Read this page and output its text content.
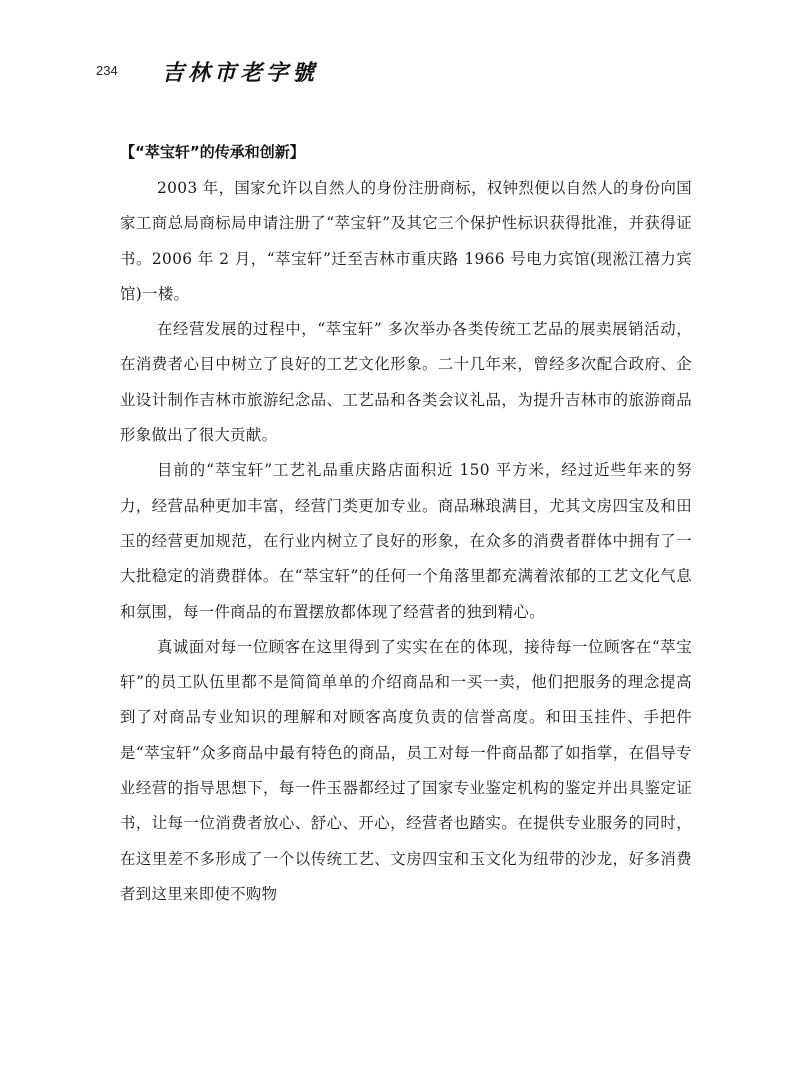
234 吉林市老字號
【“萃宝轩”的传承和创新】

2003 年，国家允许以自然人的身份注册商标，权钟烈便以自然人的身份向国家工商总局商标局申请注册了“萃宝轩”及其它三个保护性标识获得批准，并获得证书。2006 年 2 月，“萃宝轩”迁至吉林市重庆路 1966 号电力宾馆(现淞江禧力宾馆)一楼。

在经营发展的过程中，“萃宝轩” 多次举办各类传统工艺品的展卖展销活动，在消费者心目中树立了良好的工艺文化形象。二十几年来，曾经多次配合政府、企业设计制作吉林市旅游纪念品、工艺品和各类会议礼品，为提升吉林市的旅游商品形象做出了很大贡献。

目前的“萃宝轩”工艺礼品重庆路店面积近 150 平方米，经过近些年来的努力，经营品种更加丰富，经营门类更加专业。商品琳琅满目，尤其文房四宝及和田玉的经营更加规范，在行业内树立了良好的形象，在众多的消费者群体中拥有了一大批稳定的消费群体。在“萃宝轩”的任何一个角落里都充满着浓郁的工艺文化气息和氛围，每一件商品的布置摆放都体现了经营者的独到精心。

真诚面对每一位顾客在这里得到了实实在在的体现，接待每一位顾客在“萃宝轩”的员工队伍里都不是简简单单的介绍商品和一买一卖，他们把服务的理念提高到了对商品专业知识的理解和对顾客高度负责的信誉高度。和田玉挂件、手把件是“萃宝轩”众多商品中最有特色的商品，员工对每一件商品都了如指掌，在倡导专业经营的指导思想下，每一件玉器都经过了国家专业鉴定机构的鉴定并出具鉴定证书，让每一位消费者放心、舒心、开心，经营者也踏实。在提供专业服务的同时，在这里差不多形成了一个以传统工艺、文房四宝和玉文化为纽带的沙龙，好多消费者到这里来即使不购物
